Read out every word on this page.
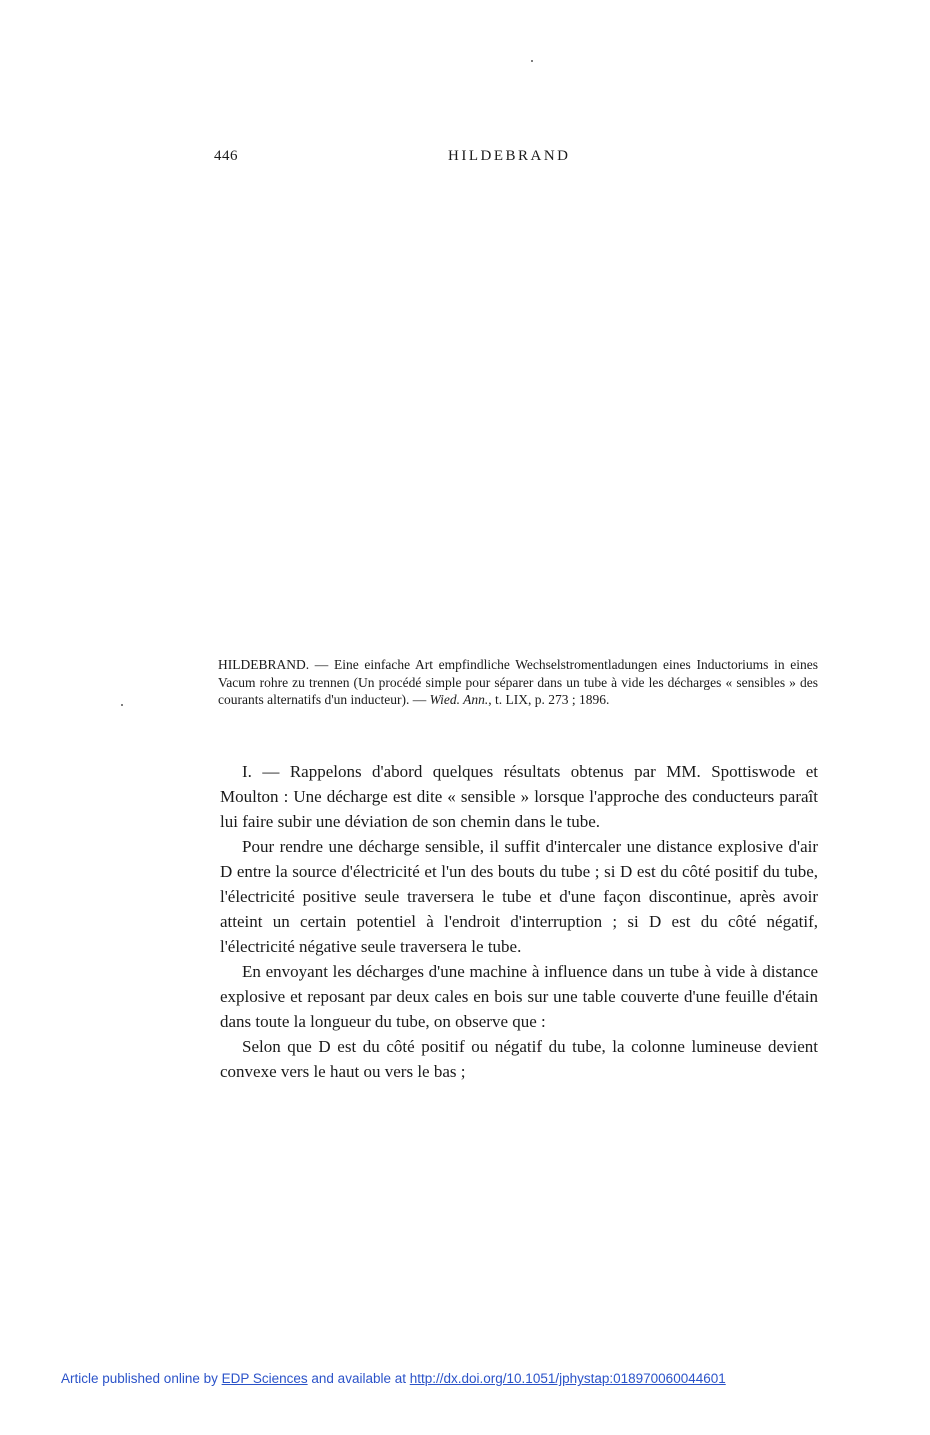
446	HILDEBRAND
HILDEBRAND. — Eine einfache Art empfindliche Wechselstromentladungen eines Inductoriums in eines Vacum rohre zu trennen (Un procédé simple pour séparer dans un tube à vide les décharges « sensibles » des courants alternatifs d'un inducteur). — Wied. Ann., t. LIX, p. 273 ; 1896.

I. — Rappelons d'abord quelques résultats obtenus par MM. Spottiswode et Moulton : Une décharge est dite « sensible » lorsque l'approche des conducteurs paraît lui faire subir une déviation de son chemin dans le tube.

Pour rendre une décharge sensible, il suffit d'intercaler une distance explosive d'air D entre la source d'électricité et l'un des bouts du tube ; si D est du côté positif du tube, l'électricité positive seule traversera le tube et d'une façon discontinue, après avoir atteint un certain potentiel à l'endroit d'interruption ; si D est du côté négatif, l'électricité négative seule traversera le tube.

En envoyant les décharges d'une machine à influence dans un tube à vide à distance explosive et reposant par deux cales en bois sur une table couverte d'une feuille d'étain dans toute la longueur du tube, on observe que :

Selon que D est du côté positif ou négatif du tube, la colonne lumineuse devient convexe vers le haut ou vers le bas ;

Article published online by EDP Sciences and available at http://dx.doi.org/10.1051/jphystap:018970060044601
